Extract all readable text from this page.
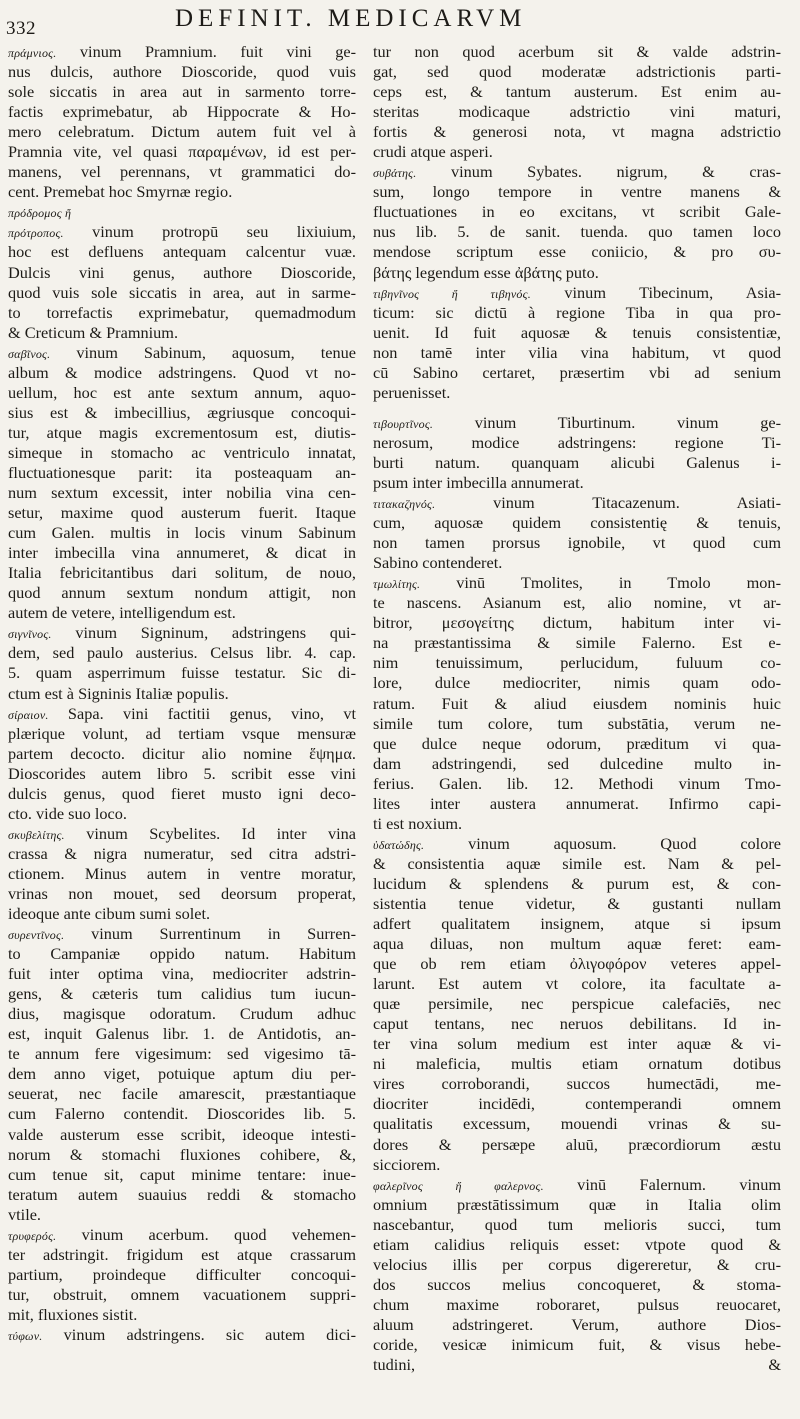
332	DEFINIT. MEDICARVM
πράμνιος. vinum Pramnium. fuit vini ge-
nus dulcis, authore Dioscoride, quod vuis
sole siccatis in area aut in sarmento torre-
factis exprimebatur, ab Hippocrate & Ho-
mero celebratum. Dictum autem fuit vel à
Pramnia vite, vel quasi παραμένων, id est per-
manens, vel perennans, vt grammatici do-
cent. Premebat hoc Smyrnæ regio.
πρόδρομος ἤ
πρότροπος. vinum protropū seu lixiuium,
hoc est defluens antequam calcentur vuæ.
Dulcis vini genus, authore Dioscoride,
quod vuis sole siccatis in area, aut in sarme-
to torrefactis exprimebatur, quemadmodum
& Creticum & Pramnium.
σαβῖνος. vinum Sabinum, aquosum, tenue
album & modice adstringens. Quod vt no-
uellum, hoc est ante sextum annum, aquo-
sius est & imbecillius, ægriusque concoqui-
tur, atque magis excrementosum est, diutis-
simeque in stomacho ac ventriculo innatat,
fluctuationesque parit: ita posteaquam an-
num sextum excessit, inter nobilia vina cen-
setur, maxime quod austerum fuerit. Itaque
cum Galen. multis in locis vinum Sabinum
inter imbecilla vina annumeret, & dicat in
Italia febricitantibus dari solitum, de nouo,
quod annum sextum nondum attigit, non
autem de vetere, intelligendum est.
σιγνῖνος. vinum Signinum, adstringens qui-
dem, sed paulo austerius. Celsus libr. 4. cap.
5. quam asperrimum fuisse testatur. Sic di-
ctum est à Signinis Italiæ populis.
σίραιον. Sapa. vini factitii genus, vino, vt
plærique volunt, ad tertiam vsque mensuræ
partem decocto. dicitur alio nomine ἕψημα.
Dioscorides autem libro 5. scribit esse vini
dulcis genus, quod fieret musto igni deco-
cto. vide suo loco.
σκυβελίτης. vinum Scybelites. Id inter vina
crassa & nigra numeratur, sed citra adstri-
ctionem. Minus autem in ventre moratur,
vrinas non mouet, sed deorsum properat,
ideoque ante cibum sumi solet.
συρεντῖνος. vinum Surrentinum in Surren-
to Campaniæ oppido natum. Habitum
fuit inter optima vina, mediocriter adstrin-
gens, & cæteris tum calidius tum iucun-
dius, magisque odoratum. Crudum adhuc
est, inquit Galenus libr. 1. de Antidotis, an-
te annum fere vigesimum: sed vigesimo tā-
dem anno viget, potuique aptum diu per-
seuerat, nec facile amarescit, præstantiaque
cum Falerno contendit. Dioscorides lib. 5.
valde austerum esse scribit, ideoque intesti-
norum & stomachi fluxiones cohibere, &,
cum tenue sit, caput minime tentare: inue-
teratum autem suauius reddi & stomacho
vtile.
τρυφερός. vinum acerbum. quod vehemen-
ter adstringit. frigidum est atque crassarum
partium, proindeque difficulter concoqui-
tur, obstruit, omnem vacuationem suppri-
mit, fluxiones sistit.
τύφων. vinum adstringens. sic autem dici-
tur non quod acerbum sit & valde adstrin-
gat, sed quod moderatæ adstrictionis parti-
ceps est, & tantum austerum. Est enim au-
steritas modicaque adstrictio vini maturi,
fortis & generosi nota, vt magna adstrictio
crudi atque asperi.
συβάτης. vinum Sybates. nigrum, & cras-
sum, longo tempore in ventre manens &
fluctuationes in eo excitans, vt scribit Gale-
nus lib. 5. de sanit. tuenda. quo tamen loco
mendose scriptum esse coniicio, & pro συ-
βάτης legendum esse ἀβάτης puto.
τιβηνῖνος ἤ τιβηνός. vinum Tibecinum, Asia-
ticum: sic dictū à regione Tiba in qua pro-
uenit. Id fuit aquosæ & tenuis consistentiæ,
non tamē inter vilia vina habitum, vt quod
cū Sabino certaret, præsertim vbi ad senium
peruenisset.
τιβουρτῖνος. vinum Tiburtinum. vinum ge-
nerosum, modice adstringens: regione Ti-
burti natum. quanquam alicubi Galenus i-
psum inter imbecilla annumerat.
τιτακαζηνός. vinum Titacazenum. Asiati-
cum, aquosæ quidem consistentię & tenuis,
non tamen prorsus ignobile, vt quod cum
Sabino contenderet.
τμωλίτης. vinū Tmolites, in Tmolo mon-
te nascens. Asianum est, alio nomine, vt ar-
bitror, μεσογείτης dictum, habitum inter vi-
na præstantissima & simile Falerno. Est e-
nim tenuissimum, perlucidum, fuluum co-
lore, dulce mediocriter, nimis quam odo-
ratum. Fuit & aliud eiusdem nominis huic
simile tum colore, tum substātia, verum ne-
que dulce neque odorum, præditum vi qua-
dam adstringendi, sed dulcedine multo in-
ferius. Galen. lib. 12. Methodi vinum Tmo-
lites inter austera annumerat. Infirmo capi-
ti est noxium.
ὑδατώδης. vinum aquosum. Quod colore
& consistentia aquæ simile est. Nam & pel-
lucidum & splendens & purum est, & con-
sistentia tenue videtur, & gustanti nullam
adfert qualitatem insignem, atque si ipsum
aqua diluas, non multum aquæ feret: eam-
que ob rem etiam ὀλιγοφόρον veteres appel-
larunt. Est autem vt colore, ita facultate a-
quæ persimile, nec perspicue calefaciēs, nec
caput tentans, nec neruos debilitans. Id in-
ter vina solum medium est inter aquæ & vi-
ni maleficia, multis etiam ornatum dotibus
vires corroborandi, succos humectādi, me-
diocriter incidēdi, contemperandi omnem
qualitatis excessum, mouendi vrinas & su-
dores & persæpe aluū, præcordiorum æstu
sicciorem.
φαλερῖνος ἤ φαλερνος. vinū Falernum. vinum
omnium præstātissimum quæ in Italia olim
nascebantur, quod tum melioris succi, tum
etiam calidius reliquis esset: vtpote quod &
velocius illis per corpus digereretur, & cru-
dos succos melius concoqueret, & stoma-
chum maxime roboraret, pulsus reuocaret,
aluum adstringeret. Verum, authore Dios-
coride, vesicæ inimicum fuit, & visus hebe-
tudini, &
